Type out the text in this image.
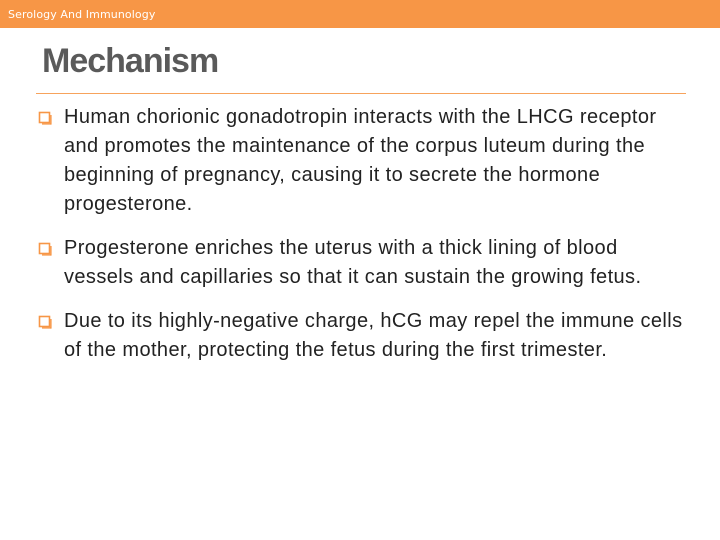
Serology And Immunology
Mechanism
Human chorionic gonadotropin interacts with the LHCG receptor and promotes the maintenance of the corpus luteum during the beginning of pregnancy, causing it to secrete the hormone progesterone.
Progesterone enriches the uterus with a thick lining of blood vessels and capillaries so that it can sustain the growing fetus.
Due to its highly-negative charge, hCG may repel the immune cells of the mother, protecting the fetus during the first trimester.
